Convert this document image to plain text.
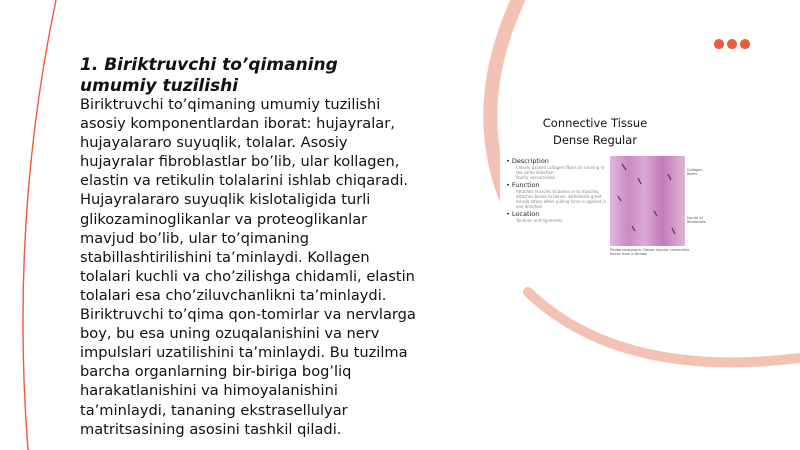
1. Biriktruvchi to’qimaning umumiy tuzilishi
Biriktruvchi to’qimaning umumiy tuzilishi asosiy komponentlardan iborat: hujayralar, hujayalararo suyuqlik, tolalar. Asosiy hujayralar fibroblastlar bo’lib, ular kollagen, elastin va retikulin tolalarini ishlab chiqaradi. Hujayralararo suyuqlik kislotaligida turli glikozaminoglikanlar va proteoglikanlar mavjud bo’lib, ular to’qimaning stabillashtirilishini ta’minlaydi. Kollagen tolalari kuchli va cho’zilishga chidamli, elastin tolalari esa cho’ziluvchanlikni ta’minlaydi. Biriktruvchi to’qima qon-tomirlar va nervlarga boy, bu esa uning ozuqalanishini va nerv impulslari uzatilishini ta’minlaydi. Bu tuzilma barcha organlarning bir-biriga bog’liq harakatlanishini va himoyalanishini ta’minlaydi, tananing ekstrasellulyar matritsasining asosini tashkil qiladi.
Connective Tissue
Dense Regular
• Description
Closely packed collagen fibers all running in the same direction
Poorly vascularized
• Function
Attaches muscles to bones or to muscles; attaches bones to bones; withstands great tensile stress when pulling force is applied in one direction
• Location
Tendons and ligaments
Photomicrograph: Dense regular connective tissue from a tendon
Collagen fibers
Nuclei of fibroblasts
